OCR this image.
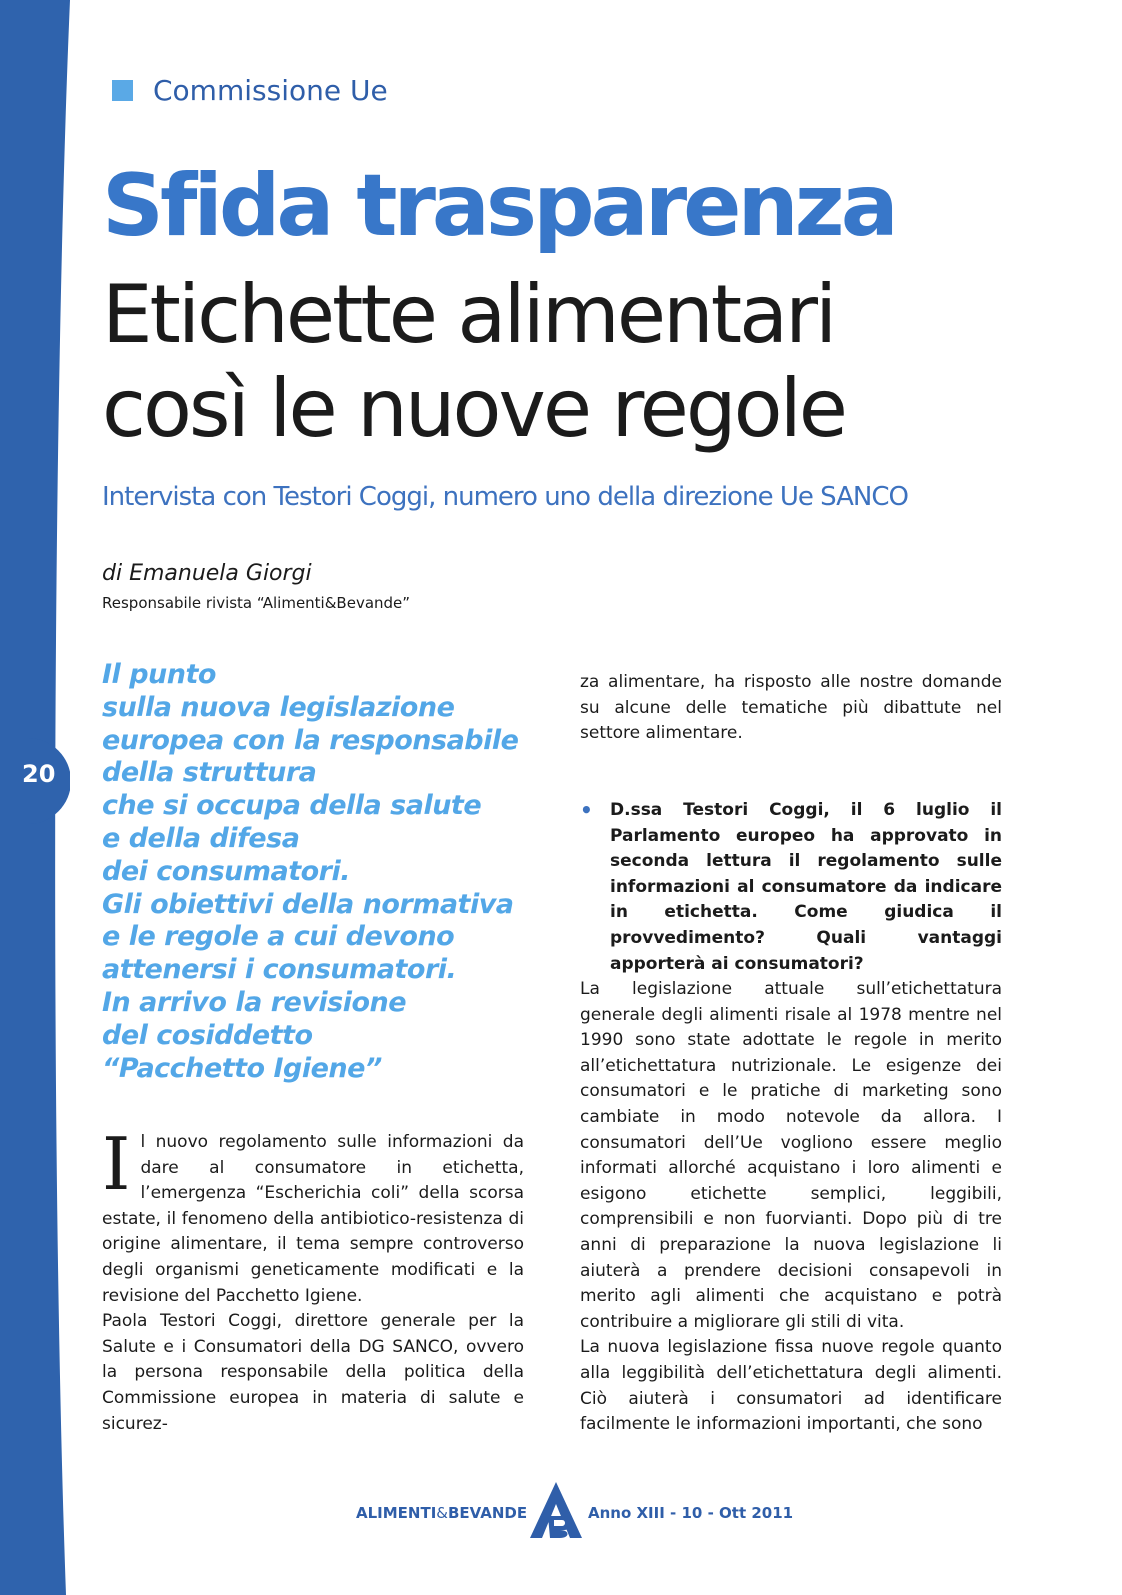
20
Commissione Ue
Sfida trasparenza
Etichette alimentari
così le nuove regole
Intervista con Testori Coggi, numero uno della direzione Ue SANCO
di Emanuela Giorgi
Responsabile rivista “Alimenti&Bevande”
Il punto
sulla nuova legislazione
europea con la responsabile
della struttura
che si occupa della salute
e della difesa
dei consumatori.
Gli obiettivi della normativa
e le regole a cui devono
attenersi i consumatori.
In arrivo la revisione
del cosiddetto
“Pacchetto Igiene”
I l nuovo regolamento sulle informazioni da dare al consumatore in etichetta, l’emergenza “Escherichia coli” della scorsa estate, il fenomeno della antibiotico-resistenza di origine alimentare, il tema sempre controverso degli organismi geneticamente modificati e la revisione del Pacchetto Igiene.
Paola Testori Coggi, direttore generale per la Salute e i Consumatori della DG SANCO, ovvero la persona responsabile della politica della Commissione europea in materia di salute e sicurez-
za alimentare, ha risposto alle nostre domande su alcune delle tematiche più dibattute nel settore alimentare.
• D.ssa Testori Coggi, il 6 luglio il Parlamento europeo ha approvato in seconda lettura il regolamento sulle informazioni al consumatore da indicare in etichetta. Come giudica il provvedimento? Quali vantaggi apporterà ai consumatori?
La legislazione attuale sull’etichettatura generale degli alimenti risale al 1978 mentre nel 1990 sono state adottate le regole in merito all’etichettatura nutrizionale. Le esigenze dei consumatori e le pratiche di marketing sono cambiate in modo notevole da allora. I consumatori dell’Ue vogliono essere meglio informati allorché acquistano i loro alimenti e esigono etichette semplici, leggibili, comprensibili e non fuorvianti. Dopo più di tre anni di preparazione la nuova legislazione li aiuterà a prendere decisioni consapevoli in merito agli alimenti che acquistano e potrà contribuire a migliorare gli stili di vita.
La nuova legislazione fissa nuove regole quanto alla leggibilità dell’etichettatura degli alimenti. Ciò aiuterà i consumatori ad identificare facilmente le informazioni importanti, che sono
ALIMENTI&BEVANDE	Anno XIII - 10 - Ott 2011
